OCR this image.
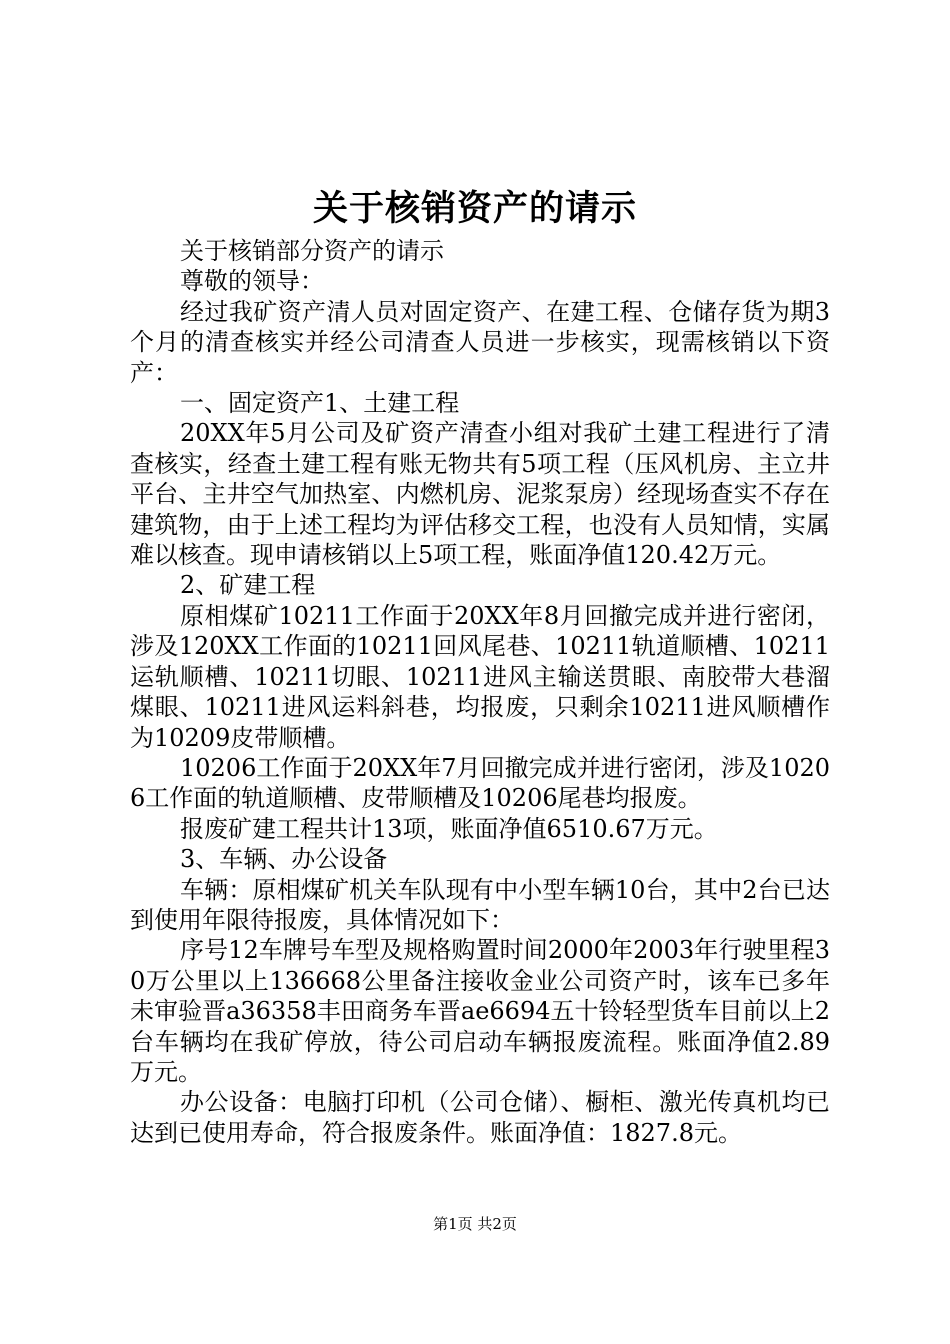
关于核销资产的请示

关于核销部分资产的请示

尊敬的领导：

经过我矿资产清人员对固定资产、在建工程、仓储存货为期3个月的清查核实并经公司清查人员进一步核实，现需核销以下资产：

一、固定资产1、土建工程

20XX年5月公司及矿资产清查小组对我矿土建工程进行了清查核实，经查土建工程有账无物共有5项工程（压风机房、主立井平台、主井空气加热室、内燃机房、泥浆泵房）经现场查实不存在建筑物，由于上述工程均为评估移交工程，也没有人员知情，实属难以核查。现申请核销以上5项工程，账面净值120.42万元。

2、矿建工程

原相煤矿10211工作面于20XX年8月回撤完成并进行密闭，涉及120XX工作面的10211回风尾巷、10211轨道顺槽、10211运轨顺槽、10211切眼、10211进风主输送贯眼、南胶带大巷溜煤眼、10211进风运料斜巷，均报废，只剩余10211进风顺槽作为10209皮带顺槽。

10206工作面于20XX年7月回撤完成并进行密闭，涉及10206工作面的轨道顺槽、皮带顺槽及10206尾巷均报废。

报废矿建工程共计13项，账面净值6510.67万元。

3、车辆、办公设备

车辆：原相煤矿机关车队现有中小型车辆10台，其中2台已达到使用年限待报废，具体情况如下：

序号12车牌号车型及规格购置时间2000年2003年行驶里程30万公里以上136668公里备注接收金业公司资产时，该车已多年未审验晋a36358丰田商务车晋ae6694五十铃轻型货车目前以上2台车辆均在我矿停放，待公司启动车辆报废流程。账面净值2.89万元。

办公设备：电脑打印机（公司仓储）、橱柜、激光传真机均已达到已使用寿命，符合报废条件。账面净值：1827.8元。

第1页 共2页
